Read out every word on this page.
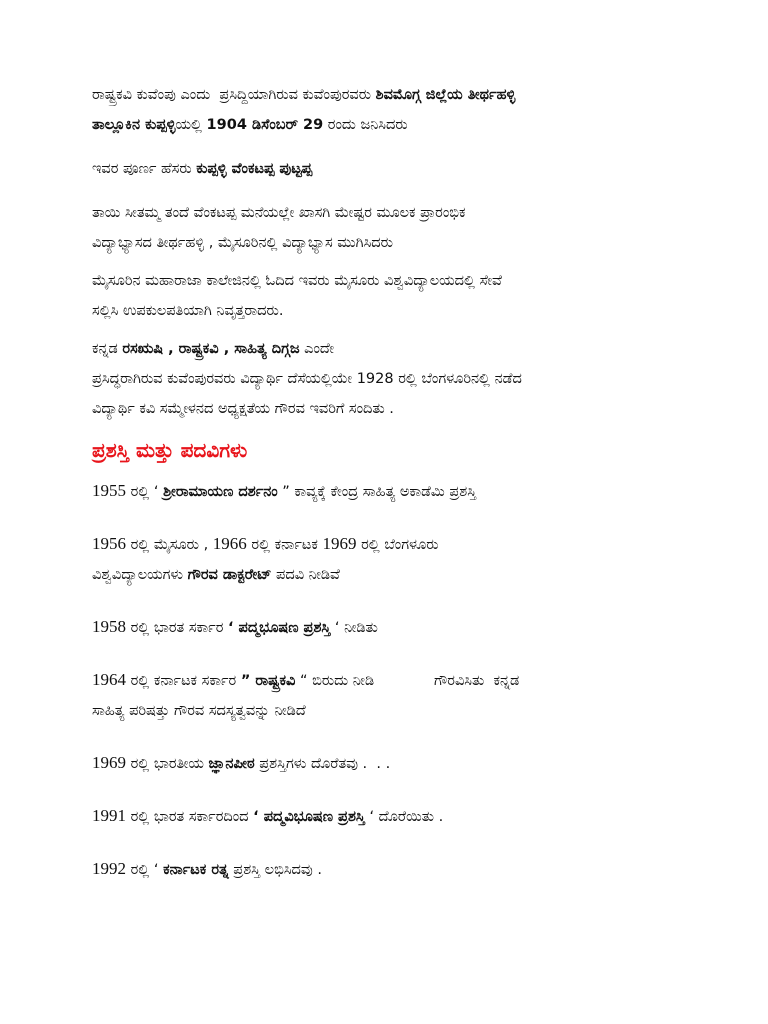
ರಾಷ್ಟ್ರಕವಿ ಕುವೆಂಪು ಎಂದು  ಪ್ರಸಿದ್ದಿಯಾಗಿರುವ ಕುವೆಂಪುರವರು ಶಿವಮೊಗ್ಗ ಜಿಲ್ಲೆಯ ತೀರ್ಥಹಳ್ಳಿ

ತಾಲ್ಲೂಕಿನ ಕುಪ್ಪಳ್ಳಿಯಲ್ಲಿ 1904 ಡಿಸೆಂಬರ್ 29 ರಂದು ಜನಿಸಿದರು

ಇವರ ಪೂರ್ಣ ಹೆಸರು ಕುಪ್ಪಳ್ಳಿ ವೆಂಕಟಪ್ಪ ಪುಟ್ಟಪ್ಪ

ತಾಯಿ ಸೀತಮ್ಮ ತಂದೆ ವೆಂಕಟಪ್ಪ ಮನೆಯಲ್ಲೇ ಖಾಸಗಿ ಮೇಷ್ಟರ ಮೂಲಕ ಪ್ರಾರಂಭಿಕ

ವಿದ್ಯಾಭ್ಯಾಸದ ತೀರ್ಥಹಳ್ಳಿ , ಮೈಸೂರಿನಲ್ಲಿ ವಿದ್ಯಾಭ್ಯಾಸ ಮುಗಿಸಿದರು

ಮೈಸೂರಿನ ಮಹಾರಾಜಾ ಕಾಲೇಜಿನಲ್ಲಿ ಓದಿದ ಇವರು ಮೈಸೂರು ವಿಶ್ವವಿದ್ಯಾಲಯದಲ್ಲಿ ಸೇವೆ

ಸಲ್ಲಿಸಿ ಉಪಕುಲಪತಿಯಾಗಿ ನಿವೃತ್ತರಾದರು.

ಕನ್ನಡ ರಸಋಷಿ , ರಾಷ್ಟ್ರಕವಿ , ಸಾಹಿತ್ಯ ದಿಗ್ಗಜ ಎಂದೇ

ಪ್ರಸಿದ್ಧರಾಗಿರುವ ಕುವೆಂಪುರವರು ವಿದ್ಯಾರ್ಥಿ ದೆಸೆಯಲ್ಲಿಯೇ 1928 ರಲ್ಲಿ ಬೆಂಗಳೂರಿನಲ್ಲಿ ನಡೆದ

ವಿದ್ಯಾರ್ಥಿ ಕವಿ ಸಮ್ಮೇಳನದ ಅಧ್ಯಕ್ಷತೆಯ ಗೌರವ ಇವರಿಗೆ ಸಂದಿತು .

ಪ್ರಶಸ್ತಿ ಮತ್ತು ಪದವಿಗಳು

1955 ರಲ್ಲಿ ‘ ಶ್ರೀರಾಮಾಯಣ ದರ್ಶನಂ ” ಕಾವ್ಯಕ್ಕೆ ಕೇಂದ್ರ ಸಾಹಿತ್ಯ ಅಕಾಡೆಮಿ ಪ್ರಶಸ್ತಿ

1956 ರಲ್ಲಿ ಮೈಸೂರು , 1966 ರಲ್ಲಿ ಕರ್ನಾಟಕ 1969 ರಲ್ಲಿ ಬೆಂಗಳೂರು

ವಿಶ್ವವಿದ್ಯಾಲಯಗಳು ಗೌರವ ಡಾಕ್ಟರೇಟ್ ಪದವಿ ನೀಡಿವೆ

1958 ರಲ್ಲಿ ಭಾರತ ಸರ್ಕಾರ ‘ ಪದ್ಮಭೂಷಣ ಪ್ರಶಸ್ತಿ ‘ ನೀಡಿತು

1964 ರಲ್ಲಿ ಕರ್ನಾಟಕ ಸರ್ಕಾರ ” ರಾಷ್ಟ್ರಕವಿ “ ಬಿರುದು ನೀಡಿ             ಗೌರವಿಸಿತು  ಕನ್ನಡ

ಸಾಹಿತ್ಯ ಪರಿಷತ್ತು ಗೌರವ ಸದಸ್ಯತ್ವವನ್ನು ನೀಡಿದೆ

1969 ರಲ್ಲಿ ಭಾರತೀಯ ಜ್ಞಾನಪೀಠ ಪ್ರಶಸ್ತಿಗಳು ದೊರೆತವು .  . .

1991 ರಲ್ಲಿ ಭಾರತ ಸರ್ಕಾರದಿಂದ ‘ ಪದ್ಮವಿಭೂಷಣ ಪ್ರಶಸ್ತಿ ‘ ದೊರೆಯಿತು .

1992 ರಲ್ಲಿ ‘ ಕರ್ನಾಟಕ ರತ್ನ ಪ್ರಶಸ್ತಿ ಲಭಿಸಿದವು .
